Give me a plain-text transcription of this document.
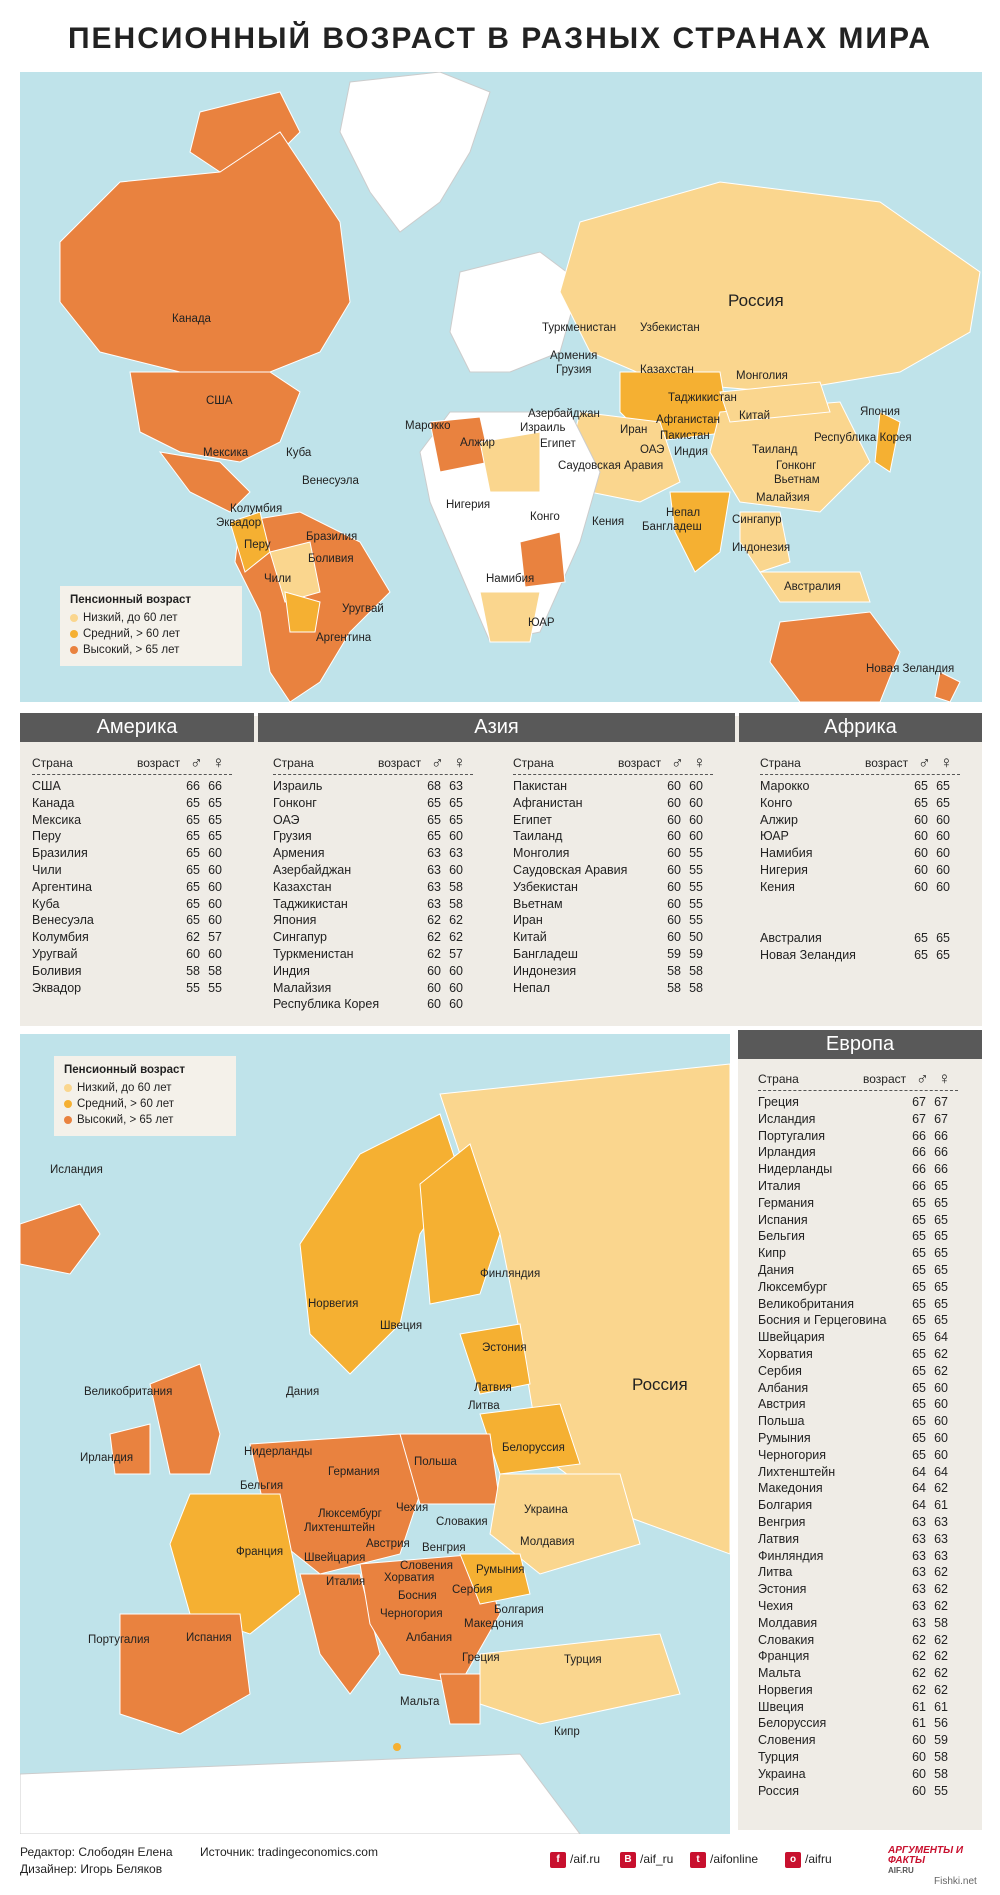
ПЕНСИОННЫЙ ВОЗРАСТ В РАЗНЫХ СТРАНАХ МИРА
Канада
США
Мексика	Куба
Венесуэла
Колумбия
Эквадор
Перу
Бразилия
Боливия
Чили
Уругвай
Аргентина
Россия
Туркменистан Узбекистан
Армения
Грузия	Казахстан	Монголия
Таджикистан
Азербайджан
Израиль
Марокко
Египет
Иран
Афганистан
ОАЭ
Пакистан
Индия
Китай	Япония
Республика Корея
Таиланд
Гонконг
Вьетнам
Малайзия
Сингапур
Непал
Бангладеш
Индонезия
Алжир
Саудовская Аравия
Нигерия
Конго	Кения
Намибия
ЮАР
Австралия
Новая Зеландия
Пенсионный возраст
Низкий, до 60 лет
Средний, > 60 лет
Высокий, > 65 лет
Америка	Азия	Африка
Страна	возраст ♂ ♀
США	66 66
Канада	65 65
Мексика	65 65
Перу	65 65
Бразилия	65 60
Чили	65 60
Аргентина	65 60
Куба	65 60
Венесуэла	65 60
Колумбия	62 57
Уругвай	60 60
Боливия	58 58
Эквадор	55 55
Страна	возраст ♂ ♀
Израиль	68 63
Гонконг	65 65
ОАЭ	65 65
Грузия	65 60
Армения	63 63
Азербайджан	63 60
Казахстан	63 58
Таджикистан	63 58
Япония	62 62
Сингапур	62 62
Туркменистан	62 57
Индия	60 60
Малайзия	60 60
Республика Корея	60 60
Страна	возраст ♂ ♀
Пакистан	60 60
Афганистан	60 60
Египет	60 60
Таиланд	60 60
Монголия	60 55
Саудовская Аравия	60 55
Узбекистан	60 55
Вьетнам	60 55
Иран	60 55
Китай	60 50
Бангладеш	59 59
Индонезия	58 58
Непал	58 58
Страна	возраст ♂ ♀
Марокко	65 65
Конго	65 65
Алжир	60 60
ЮАР	60 60
Намибия	60 60
Нигерия	60 60
Кения	60 60
Австралия	65 65
Новая Зеландия	65 65
Исландия
Норвегия
Швеция
Финляндия
Россия
Эстония
Латвия
Литва
Дания
Великобритания
Ирландия	Нидерланды
Бельгия
Германия
Польша
Белоруссия
Люксембург
Лихтенштейн
Чехия
Словакия
Украина
Франция Швейцария
Австрия Венгрия	Молдавия
Словения Румыния
Италия Хорватия
Сербия
Босния
Черногория	Болгария
Албания
Македония
Португалия	Испания
Греция	Турция
Мальта
Кипр
Пенсионный возраст
Низкий, до 60 лет
Средний, > 60 лет
Высокий, > 65 лет
Европа
Страна	возраст ♂ ♀
Греция	67 67
Исландия	67 67
Португалия	66 66
Ирландия	66 66
Нидерланды	66 66
Италия	66 65
Германия	65 65
Испания	65 65
Бельгия	65 65
Кипр	65 65
Дания	65 65
Люксембург	65 65
Великобритания	65 65
Босния и Герцеговина	65 65
Швейцария	65 64
Хорватия	65 62
Сербия	65 62
Албания	65 60
Австрия	65 60
Польша	65 60
Румыния	65 60
Черногория	65 60
Лихтенштейн	64 64
Македония	64 62
Болгария	64 61
Венгрия	63 63
Латвия	63 63
Финляндия	63 63
Литва	63 62
Эстония	63 62
Чехия	63 62
Молдавия	63 58
Словакия	62 62
Франция	62 62
Мальта	62 62
Норвегия	62 62
Швеция	61 61
Белоруссия	61 56
Словения	60 59
Турция	60 58
Украина	60 58
Россия	60 55
Редактор: Слободян Елена
Дизайнер: Игорь Беляков
Источник: tradingeconomics.com
f /aif.ru	В /aif_ru	t /aifonline	о /aifru
АРГУМЕНТЫ И ФАКТЫ
AIF.RU
Fishki.net
